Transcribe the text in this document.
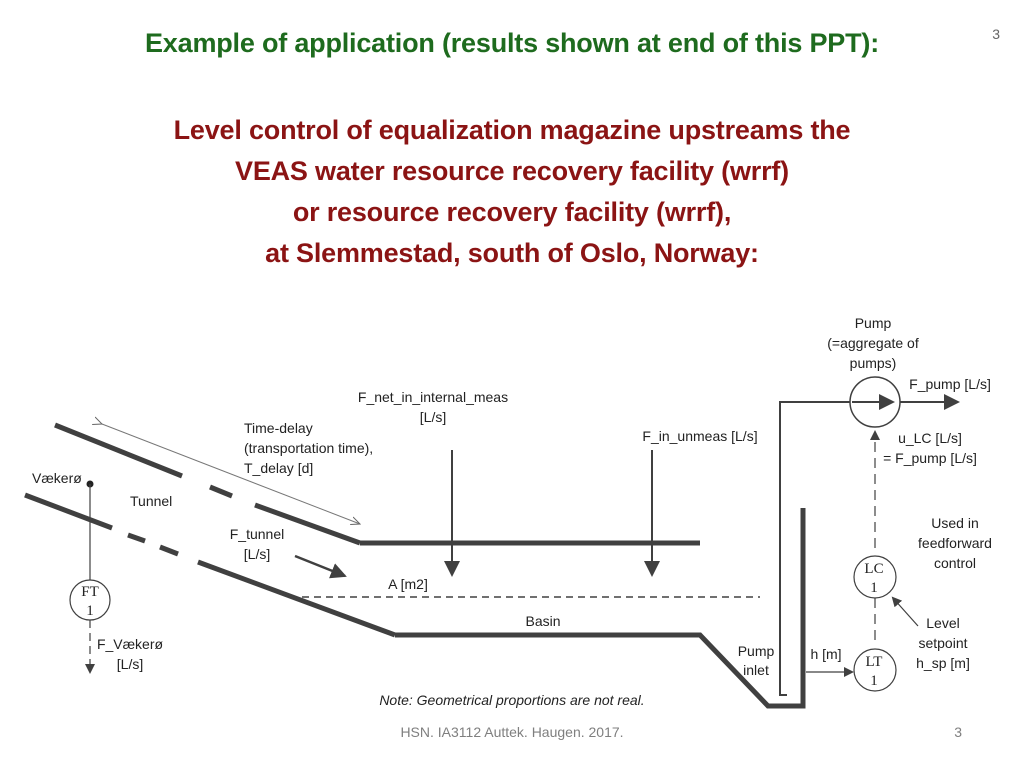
3
Example of application (results shown at end of this PPT):
Level control of equalization magazine upstreams the
VEAS water resource recovery facility (wrrf)
or resource recovery facility (wrrf),
at Slemmestad, south of Oslo, Norway:
Pump
(=aggregate of
pumps)
F_pump [L/s]
F_net_in_internal_meas
[L/s]
F_in_unmeas [L/s]	u_LC [L/s]
= F_pump [L/s]
F_tunnel
[L/s]
Used in
feedforward
control
A [m2]
Basin	Level
setpoint
h_sp [m]
F_Vækerø
[L/s]
Pump
inlet
h [m]
Note: Geometrical proportions are not real.
FT
1
LC
1
LT
1
Time-delay
(transportation time),
T_delay [d]
Vækerø
Tunnel
HSN. IA3112 Auttek. Haugen. 2017.	3
